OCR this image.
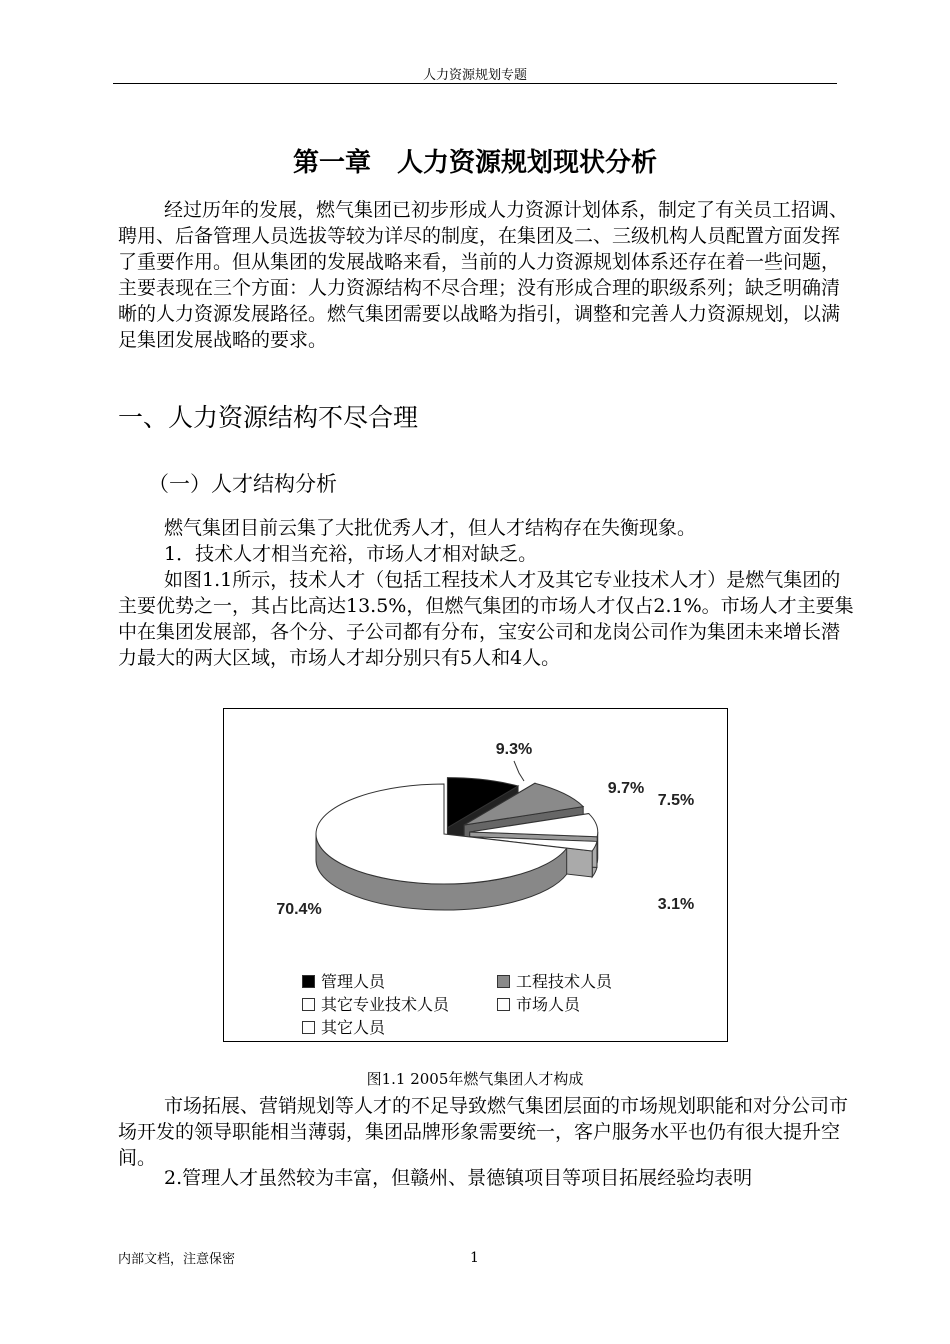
人力资源规划专题
第一章　人力资源规划现状分析

经过历年的发展，燃气集团已初步形成人力资源计划体系，制定了有关员工招调、聘用、后备管理人员选拔等较为详尽的制度，在集团及二、三级机构人员配置方面发挥了重要作用。但从集团的发展战略来看，当前的人力资源规划体系还存在着一些问题，主要表现在三个方面：人力资源结构不尽合理；没有形成合理的职级系列；缺乏明确清晰的人力资源发展路径。燃气集团需要以战略为指引，调整和完善人力资源规划，以满足集团发展战略的要求。

一、人力资源结构不尽合理
（一）人才结构分析

燃气集团目前云集了大批优秀人才，但人才结构存在失衡现象。

1．技术人才相当充裕，市场人才相对缺乏。

如图1.1所示，技术人才（包括工程技术人才及其它专业技术人才）是燃气集团的主要优势之一，其占比高达13.5%，但燃气集团的市场人才仅占2.1%。市场人才主要集中在集团发展部，各个分、子公司都有分布，宝安公司和龙岗公司作为集团未来增长潜力最大的两大区域，市场人才却分别只有5人和4人。

9.3%
9.7%
7.5%
3.1%
70.4%
管理人员	工程技术人员
其它专业技术人员	市场人员
其它人员
图1.1 2005年燃气集团人才构成

市场拓展、营销规划等人才的不足导致燃气集团层面的市场规划职能和对分公司市场开发的领导职能相当薄弱，集团品牌形象需要统一，客户服务水平也仍有很大提升空间。

2.管理人才虽然较为丰富，但赣州、景德镇项目等项目拓展经验均表明

内部文档，注意保密	1
